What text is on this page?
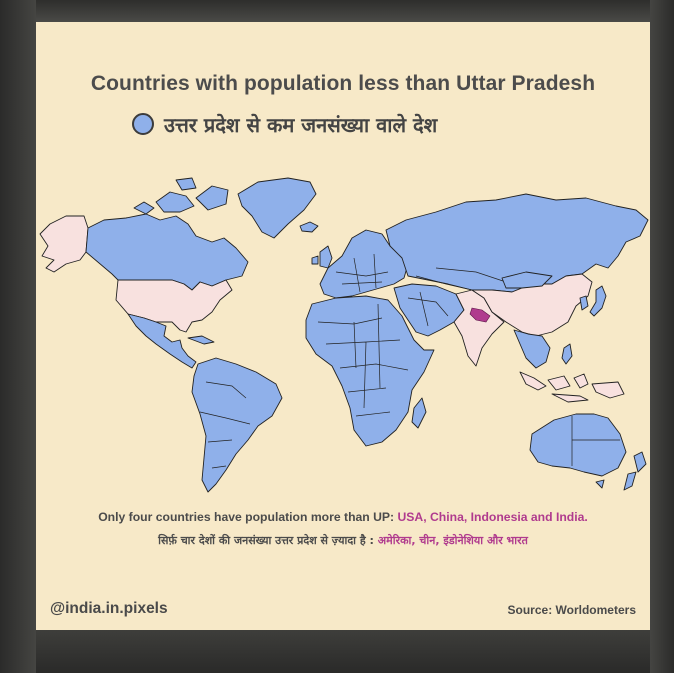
Countries with population less than Uttar Pradesh
उत्तर प्रदेश से कम जनसंख्या वाले देश
Only four countries have population more than UP: USA, China, Indonesia and India.
सिर्फ़ चार देशों की जनसंख्या उत्तर प्रदेश से ज़्यादा है : अमेरिका, चीन, इंडोनेशिया और भारत
@india.in.pixels	Source: Worldometers
